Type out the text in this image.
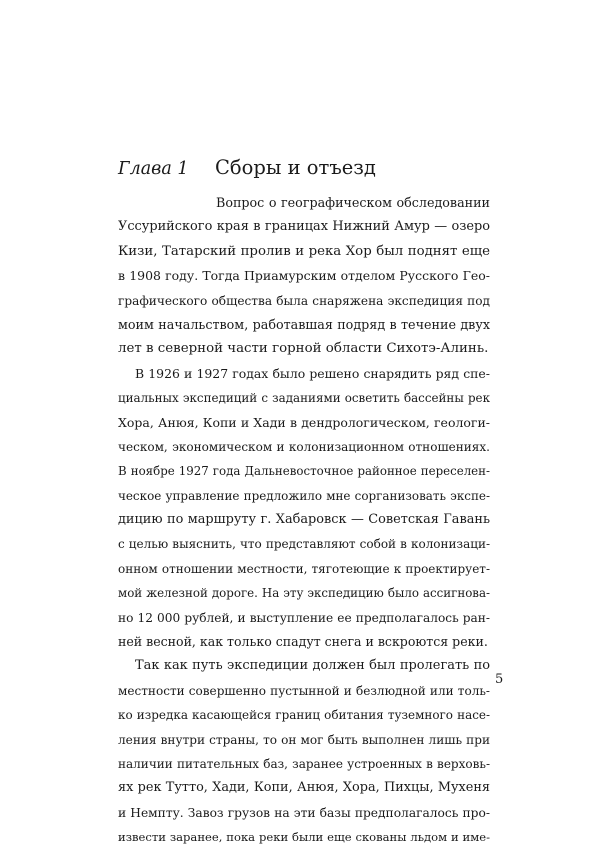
Глава 1 Сборы и отъезд
Вопрос о географическом обследовании
Уссурийского края в границах Нижний Амур — озеро
Кизи, Татарский пролив и река Хор был поднят еще
в 1908 году. Тогда Приамурским отделом Русского Гео-
графического общества была снаряжена экспедиция под
моим начальством, работавшая подряд в течение двух
лет в северной части горной области Сихотэ-Алинь.
В 1926 и 1927 годах было решено снарядить ряд спе-
циальных экспедиций с заданиями осветить бассейны рек
Хора, Анюя, Копи и Хади в дендрологическом, геологи-
ческом, экономическом и колонизационном отношениях.
В ноябре 1927 года Дальневосточное районное переселен-
ческое управление предложило мне сорганизовать экспе-
дицию по маршруту г. Хабаровск — Советская Гавань
с целью выяснить, что представляют собой в колонизаци-
онном отношении местности, тяготеющие к проектирует-
мой железной дороге. На эту экспедицию было ассигнова-
но 12 000 рублей, и выступление ее предполагалось ран-
ней весной, как только спадут снега и вскроются реки.
Так как путь экспедиции должен был пролегать по
местности совершенно пустынной и безлюдной или толь-
ко изредка касающейся границ обитания туземного насе-
ления внутри страны, то он мог быть выполнен лишь при
наличии питательных баз, заранее устроенных в верховь-
ях рек Тутто, Хади, Копи, Анюя, Хора, Пихцы, Мухеня
и Немпту. Завоз грузов на эти базы предполагалось про-
извести заранее, пока реки были еще скованы льдом и име-
5
